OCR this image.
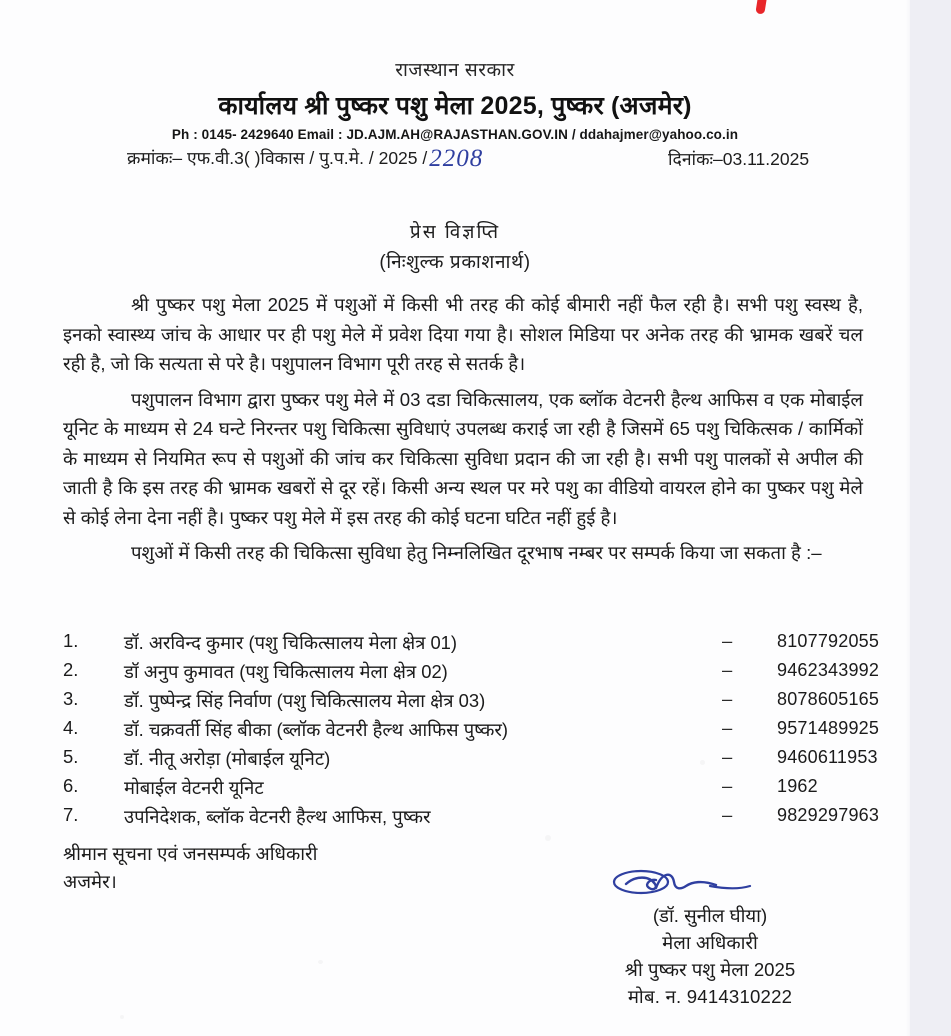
राजस्थान सरकार
कार्यालय श्री पुष्कर पशु मेला 2025, पुष्कर (अजमेर)
Ph : 0145- 2429640 Email : JD.AJM.AH@RAJASTHAN.GOV.IN / ddahajmer@yahoo.co.in
क्रमांकः– एफ.वी.3( )विकास / पु.प.मे. / 2025 /2208	दिनांकः–03.11.2025
प्रेस विज्ञप्ति
(निःशुल्क प्रकाशनार्थ)

श्री पुष्कर पशु मेला 2025 में पशुओं में किसी भी तरह की कोई बीमारी नहीं फैल रही है। सभी पशु स्वस्थ है, इनको स्वास्थ्य जांच के आधार पर ही पशु मेले में प्रवेश दिया गया है। सोशल मिडिया पर अनेक तरह की भ्रामक खबरें चल रही है, जो कि सत्यता से परे है। पशुपालन विभाग पूरी तरह से सतर्क है।

पशुपालन विभाग द्वारा पुष्कर पशु मेले में 03 दडा चिकित्सालय, एक ब्लॉक वेटनरी हैल्थ आफिस व एक मोबाईल यूनिट के माध्यम से 24 घन्टे निरन्तर पशु चिकित्सा सुविधाएं उपलब्ध कराई जा रही है जिसमें 65 पशु चिकित्सक / कार्मिकों के माध्यम से नियमित रूप से पशुओं की जांच कर चिकित्सा सुविधा प्रदान की जा रही है। सभी पशु पालकों से अपील की जाती है कि इस तरह की भ्रामक खबरों से दूर रहें। किसी अन्य स्थल पर मरे पशु का वीडियो वायरल होने का पुष्कर पशु मेले से कोई लेना देना नहीं है। पुष्कर पशु मेले में इस तरह की कोई घटना घटित नहीं हुई है।

पशुओं में किसी तरह की चिकित्सा सुविधा हेतु निम्नलिखित दूरभाष नम्बर पर सम्पर्क किया जा सकता है :–

1.	डॉ. अरविन्द कुमार (पशु चिकित्सालय मेला क्षेत्र 01)	– 8107792055
2.	डॉ अनुप कुमावत (पशु चिकित्सालय मेला क्षेत्र 02)	– 9462343992
3.	डॉ. पुष्पेन्द्र सिंह निर्वाण (पशु चिकित्सालय मेला क्षेत्र 03)	– 8078605165
4.	डॉ. चक्रवर्ती सिंह बीका (ब्लॉक वेटनरी हैल्थ आफिस पुष्कर)	– 9571489925
5.	डॉ. नीतू अरोड़ा (मोबाईल यूनिट)	– 9460611953
6.	मोबाईल वेटनरी यूनिट	– 1962
7.	उपनिदेशक, ब्लॉक वेटनरी हैल्थ आफिस, पुष्कर	– 9829297963
श्रीमान सूचना एवं जनसम्पर्क अधिकारी
अजमेर।
(डॉ. सुनील घीया)
मेला अधिकारी
श्री पुष्कर पशु मेला 2025
मोब. न. 9414310222
